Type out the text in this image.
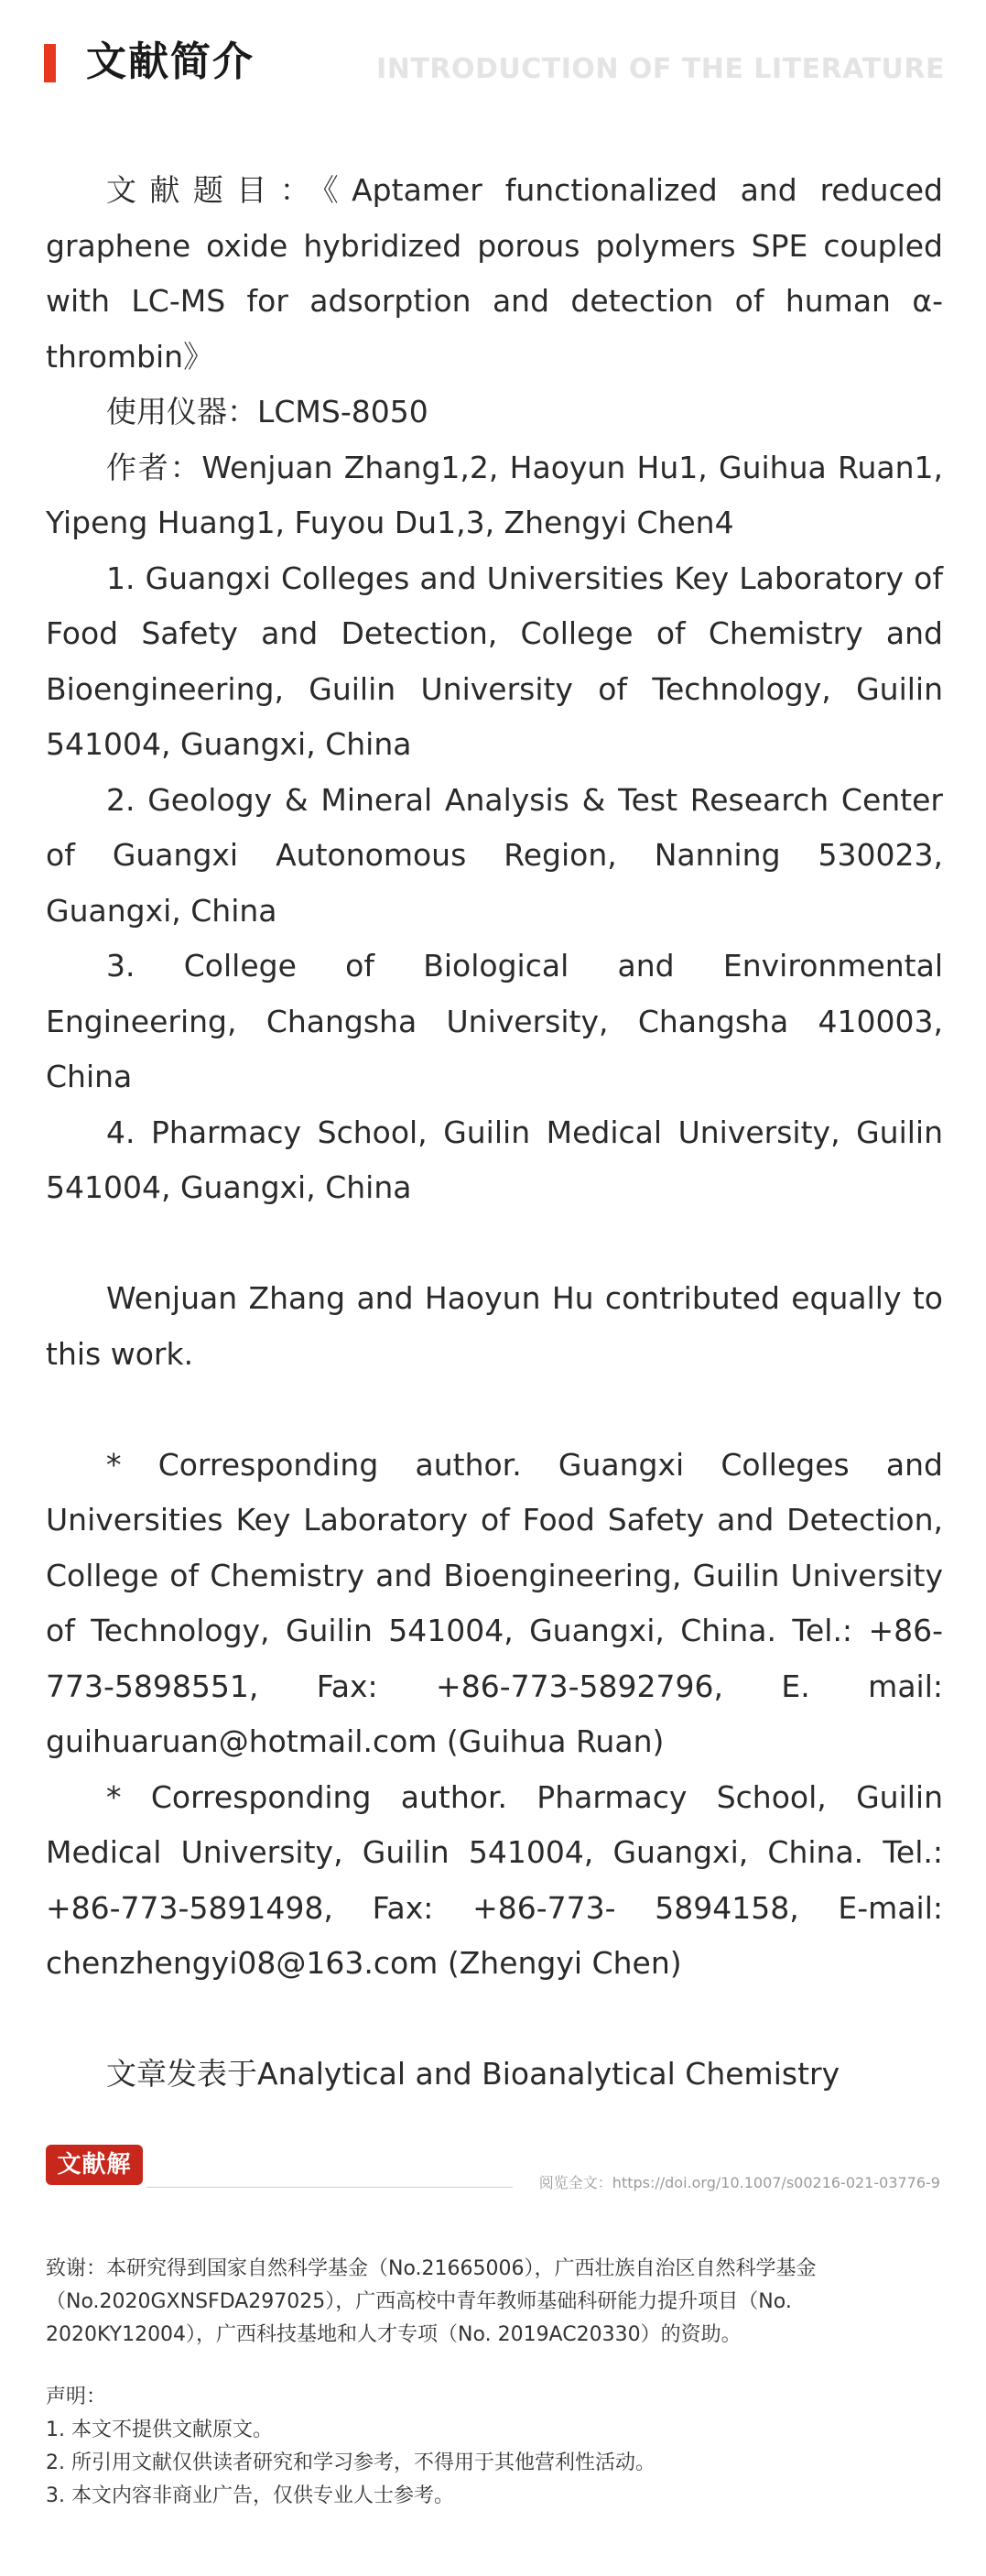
文献简介	INTRODUCTION OF THE LITERATURE

文献题目：《Aptamer functionalized and reduced graphene oxide hybridized porous polymers SPE coupled with LC-MS for adsorption and detection of human α-thrombin》

使用仪器：LCMS-8050

作者：Wenjuan Zhang1,2, Haoyun Hu1, Guihua Ruan1, Yipeng Huang1, Fuyou Du1,3, Zhengyi Chen4

1. Guangxi Colleges and Universities Key Laboratory of Food Safety and Detection, College of Chemistry and Bioengineering, Guilin University of Technology, Guilin 541004, Guangxi, China

2. Geology & Mineral Analysis & Test Research Center of Guangxi Autonomous Region, Nanning 530023, Guangxi, China

3. College of Biological and Environmental Engineering, Changsha University, Changsha 410003, China

4. Pharmacy School, Guilin Medical University, Guilin 541004, Guangxi, China

Wenjuan Zhang and Haoyun Hu contributed equally to this work.

* Corresponding author. Guangxi Colleges and Universities Key Laboratory of Food Safety and Detection, College of Chemistry and Bioengineering, Guilin University of Technology, Guilin 541004, Guangxi, China. Tel.: +86-773-5898551, Fax: +86-773-5892796, E. mail: guihuaruan@hotmail.com (Guihua Ruan)

* Corresponding author. Pharmacy School, Guilin Medical University, Guilin 541004, Guangxi, China. Tel.: +86-773-5891498, Fax: +86-773- 5894158, E-mail: chenzhengyi08@163.com (Zhengyi Chen)

文章发表于Analytical and Bioanalytical Chemistry

文献解读
阅览全文：https://doi.org/10.1007/s00216-021-03776-9

致谢：本研究得到国家自然科学基金（No.21665006），广西壮族自治区自然科学基金（No.2020GXNSFDA297025），广西高校中青年教师基础科研能力提升项目（No. 2020KY12004），广西科技基地和人才专项（No. 2019AC20330）的资助。

声明：

1. 本文不提供文献原文。

2. 所引用文献仅供读者研究和学习参考，不得用于其他营利性活动。

3. 本文内容非商业广告，仅供专业人士参考。
